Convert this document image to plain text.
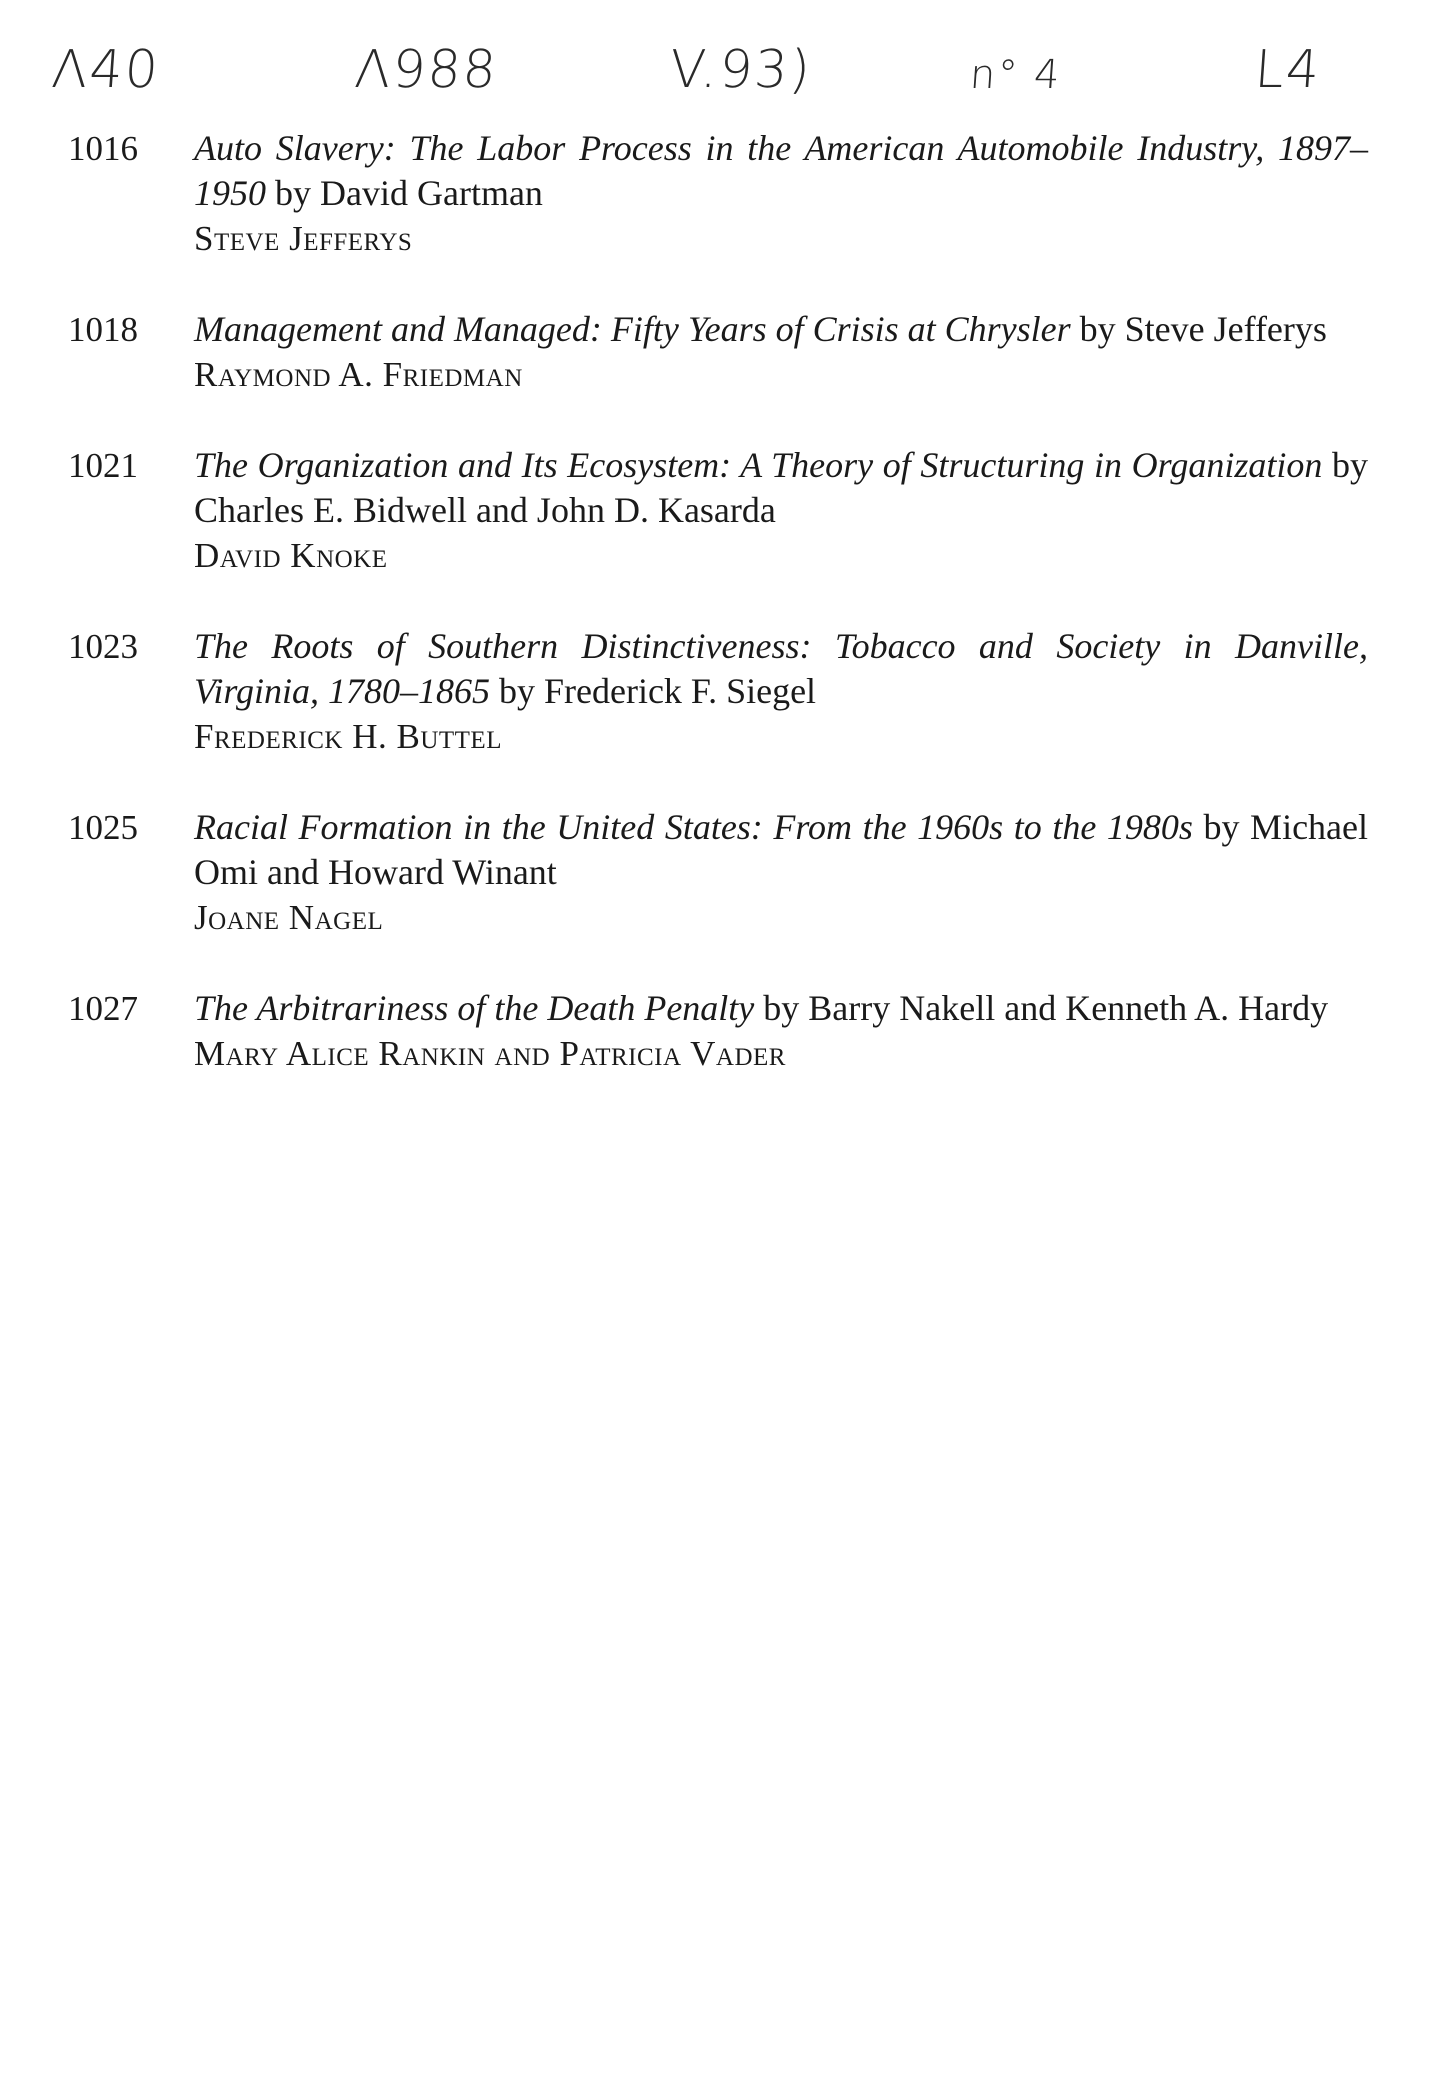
Λ40	Λ988	V.93)	n° 4	L4
1016	Auto Slavery: The Labor Process in the American Automobile Industry, 1897–1950 by David Gartman
Steve Jefferys
1018	Management and Managed: Fifty Years of Crisis at Chrysler by Steve Jefferys
Raymond A. Friedman
1021	The Organization and Its Ecosystem: A Theory of Structuring in Organization by Charles E. Bidwell and John D. Kasarda
David Knoke
1023	The Roots of Southern Distinctiveness: Tobacco and Society in Danville, Virginia, 1780–1865 by Frederick F. Siegel
Frederick H. Buttel
1025	Racial Formation in the United States: From the 1960s to the 1980s by Michael Omi and Howard Winant
Joane Nagel
1027	The Arbitrariness of the Death Penalty by Barry Nakell and Kenneth A. Hardy
Mary Alice Rankin and Patricia Vader
